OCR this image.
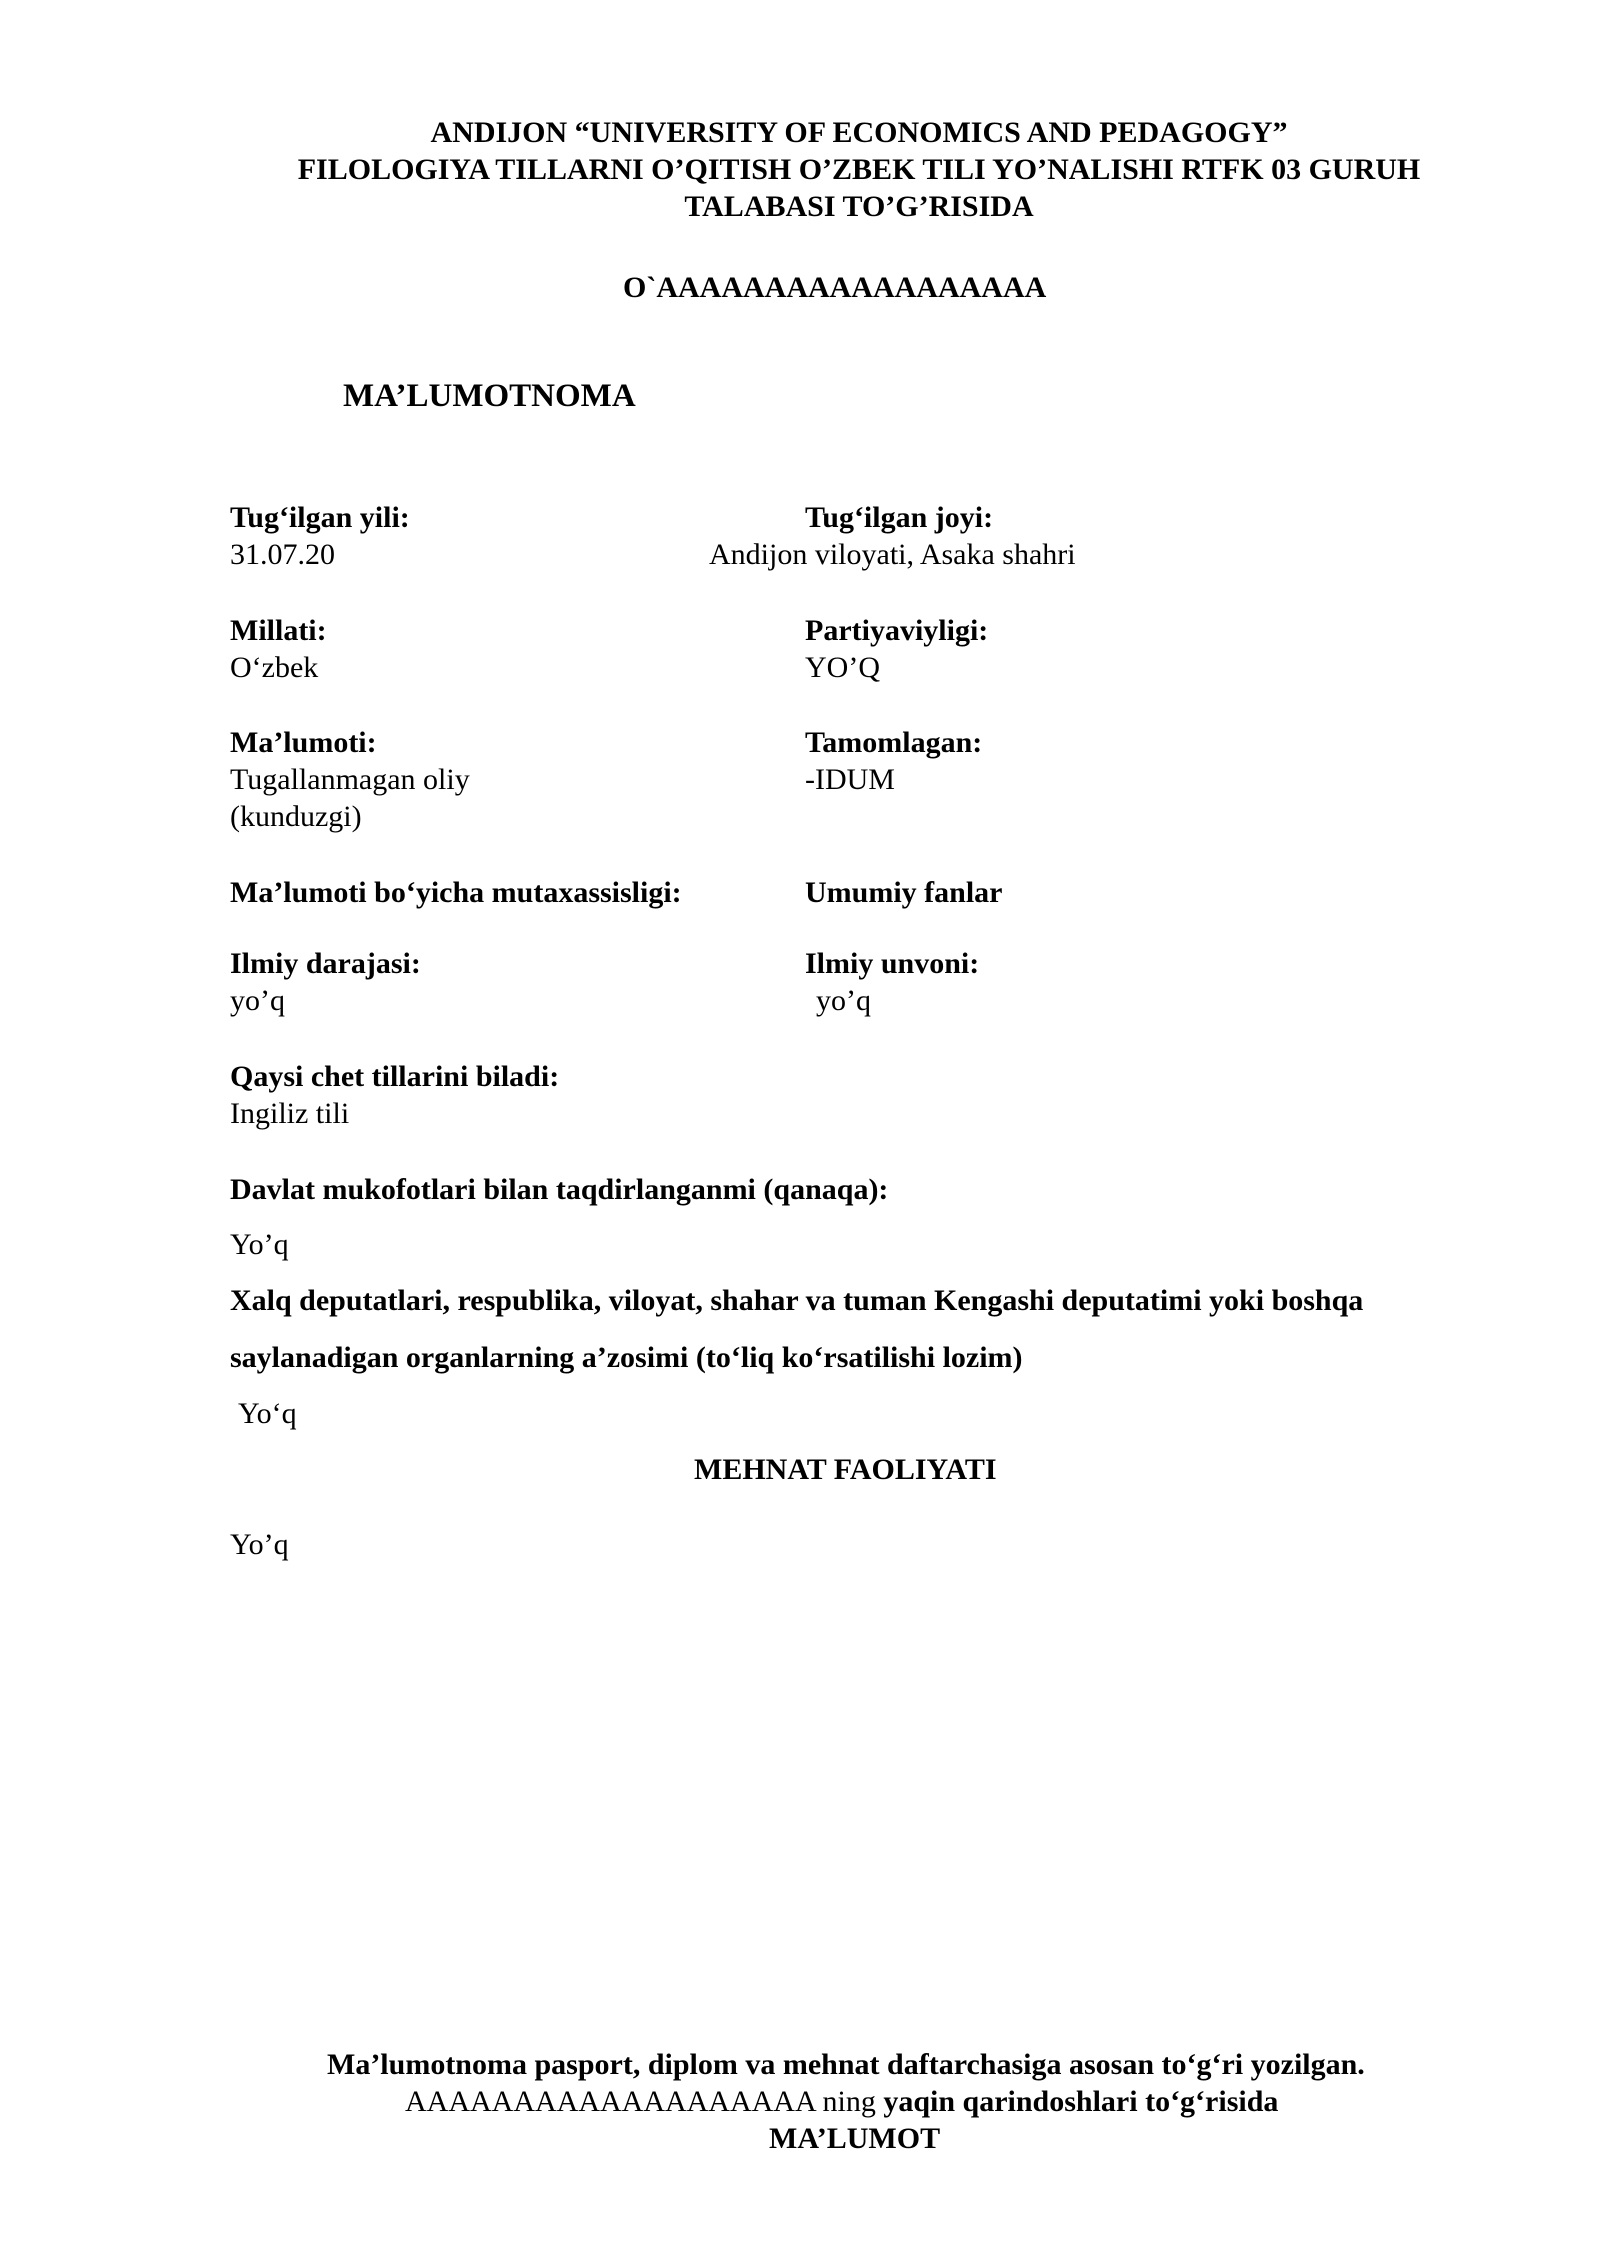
ANDIJON “UNIVERSITY OF ECONOMICS AND PEDAGOGY”
FILOLOGIYA TILLARNI O’QITISH O’ZBEK TILI YO’NALISHI RTFK 03 GURUH
TALABASI TO’G’RISIDA
O`AAAAAAAAAAAAAAAAAA
MA’LUMOTNOMA
Tug‘ilgan yili:
31.07.20
Tug‘ilgan joyi:
Andijon viloyati, Asaka shahri
Millati:
O‘zbek
Partiyaviyligi:
YO’Q
Ma’lumoti:
Tugallanmagan oliy
(kunduzgi)
Tamomlagan:
-IDUM
Ma’lumoti bo‘yicha mutaxassisligi:	Umumiy fanlar
Ilmiy darajasi:
yo’q
Ilmiy unvoni:
yo’q
Qaysi chet tillarini biladi:
Ingiliz tili
Davlat mukofotlari bilan taqdirlanganmi (qanaqa):
Yo’q
Xalq deputatlari, respublika, viloyat, shahar va tuman Kengashi deputatimi yoki boshqa
saylanadigan organlarning a’zosimi (to‘liq ko‘rsatilishi lozim)
Yo‘q
MEHNAT FAOLIYATI
Yo’q
Ma’lumotnoma pasport, diplom va mehnat daftarchasiga asosan to‘g‘ri yozilgan.
AAAAAAAAAAAAAAAAAAA ning yaqin qarindoshlari to‘g‘risida
MA’LUMOT
